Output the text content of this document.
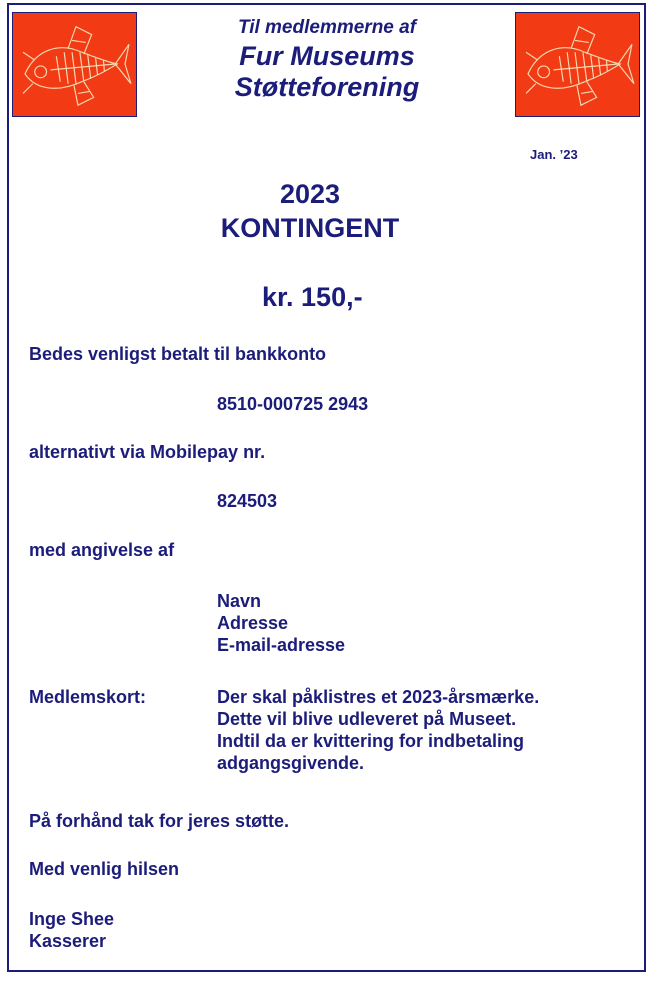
Til medlemmerne af
Fur Museums
Støtteforening
Jan. ’23
2023
KONTINGENT
kr. 150,-
Bedes venligst betalt til bankkonto
8510-000725 2943
alternativt via Mobilepay nr.
824503
med angivelse af
Navn
Adresse
E-mail-adresse
Medlemskort:	Der skal påklistres et 2023-årsmærke.
Dette vil blive udleveret på Museet.
Indtil da er kvittering for indbetaling
adgangsgivende.
På forhånd tak for jeres støtte.
Med venlig hilsen
Inge Shee
Kasserer
